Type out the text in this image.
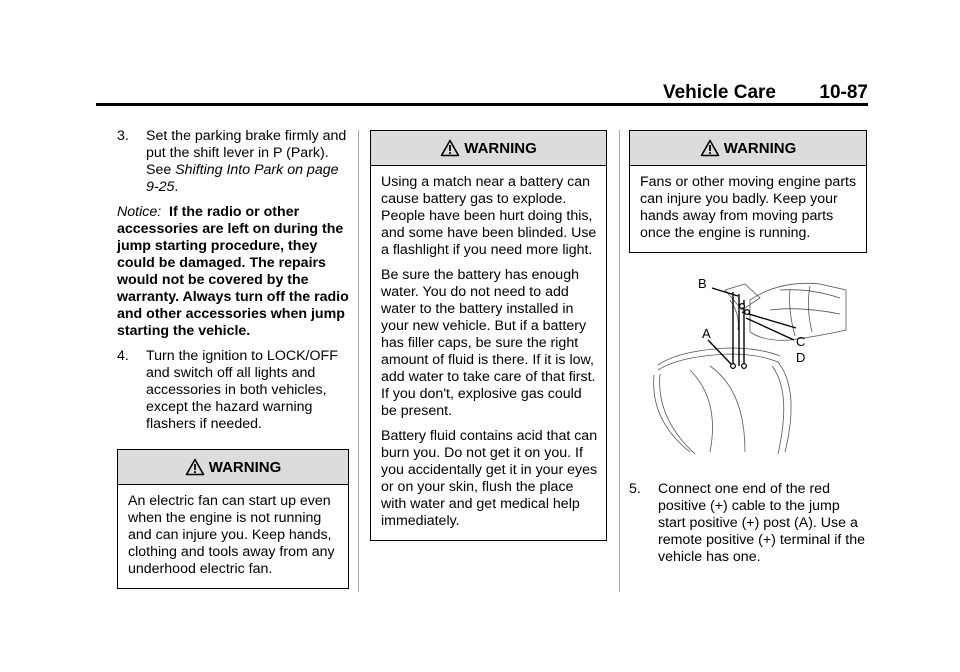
Vehicle Care 10-87

3. Set the parking brake firmly and put the shift lever in P (Park). See Shifting Into Park on page 9-25.

Notice: If the radio or other accessories are left on during the jump starting procedure, they could be damaged. The repairs would not be covered by the warranty. Always turn off the radio and other accessories when jump starting the vehicle.

4. Turn the ignition to LOCK/OFF and switch off all lights and accessories in both vehicles, except the hazard warning flashers if needed.

WARNING

An electric fan can start up even when the engine is not running and can injure you. Keep hands, clothing and tools away from any underhood electric fan.

WARNING

Using a match near a battery can cause battery gas to explode. People have been hurt doing this, and some have been blinded. Use a flashlight if you need more light.

Be sure the battery has enough water. You do not need to add water to the battery installed in your new vehicle. But if a battery has filler caps, be sure the right amount of fluid is there. If it is low, add water to take care of that first. If you don't, explosive gas could be present.

Battery fluid contains acid that can burn you. Do not get it on you. If you accidentally get it in your eyes or on your skin, flush the place with water and get medical help immediately.

WARNING

Fans or other moving engine parts can injure you badly. Keep your hands away from moving parts once the engine is running.

5. Connect one end of the red positive (+) cable to the jump start positive (+) post (A). Use a remote positive (+) terminal if the vehicle has one.

B
A
C
D
